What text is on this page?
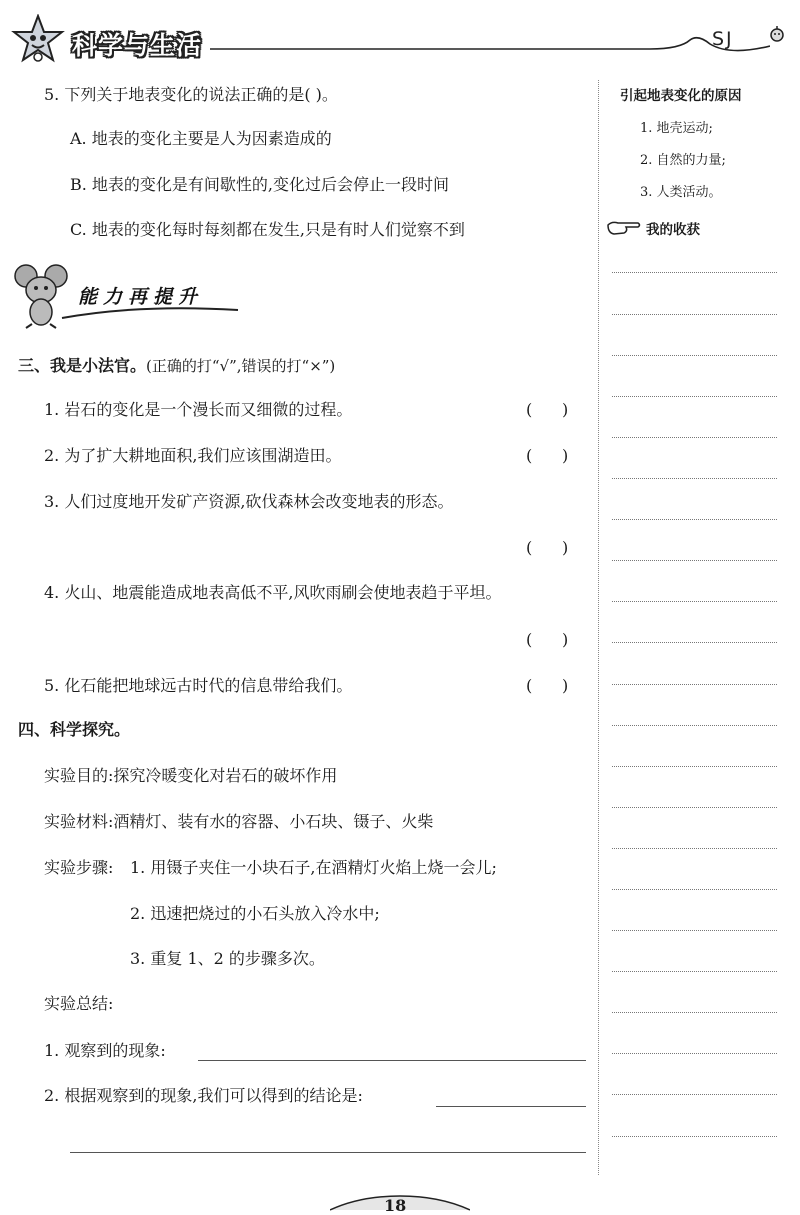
科学与生活	SJ
5. 下列关于地表变化的说法正确的是( )。
A. 地表的变化主要是人为因素造成的
B. 地表的变化是有间歇性的,变化过后会停止一段时间
C. 地表的变化每时每刻都在发生,只是有时人们觉察不到
能力再提升
三、我是小法官。(正确的打“√”,错误的打“×”)
1. 岩石的变化是一个漫长而又细微的过程。	( )
2. 为了扩大耕地面积,我们应该围湖造田。	( )
3. 人们过度地开发矿产资源,砍伐森林会改变地表的形态。
( )
4. 火山、地震能造成地表高低不平,风吹雨刷会使地表趋于平坦。
( )
5. 化石能把地球远古时代的信息带给我们。	( )
四、科学探究。
实验目的:探究冷暖变化对岩石的破坏作用
实验材料:酒精灯、装有水的容器、小石块、镊子、火柴
实验步骤: 1. 用镊子夹住一小块石子,在酒精灯火焰上烧一会儿;
2. 迅速把烧过的小石头放入冷水中;
3. 重复 1、2 的步骤多次。
实验总结:
1. 观察到的现象:
2. 根据观察到的现象,我们可以得到的结论是:
引起地表变化的原因
1. 地壳运动;
2. 自然的力量;
3. 人类活动。
我的收获
18
